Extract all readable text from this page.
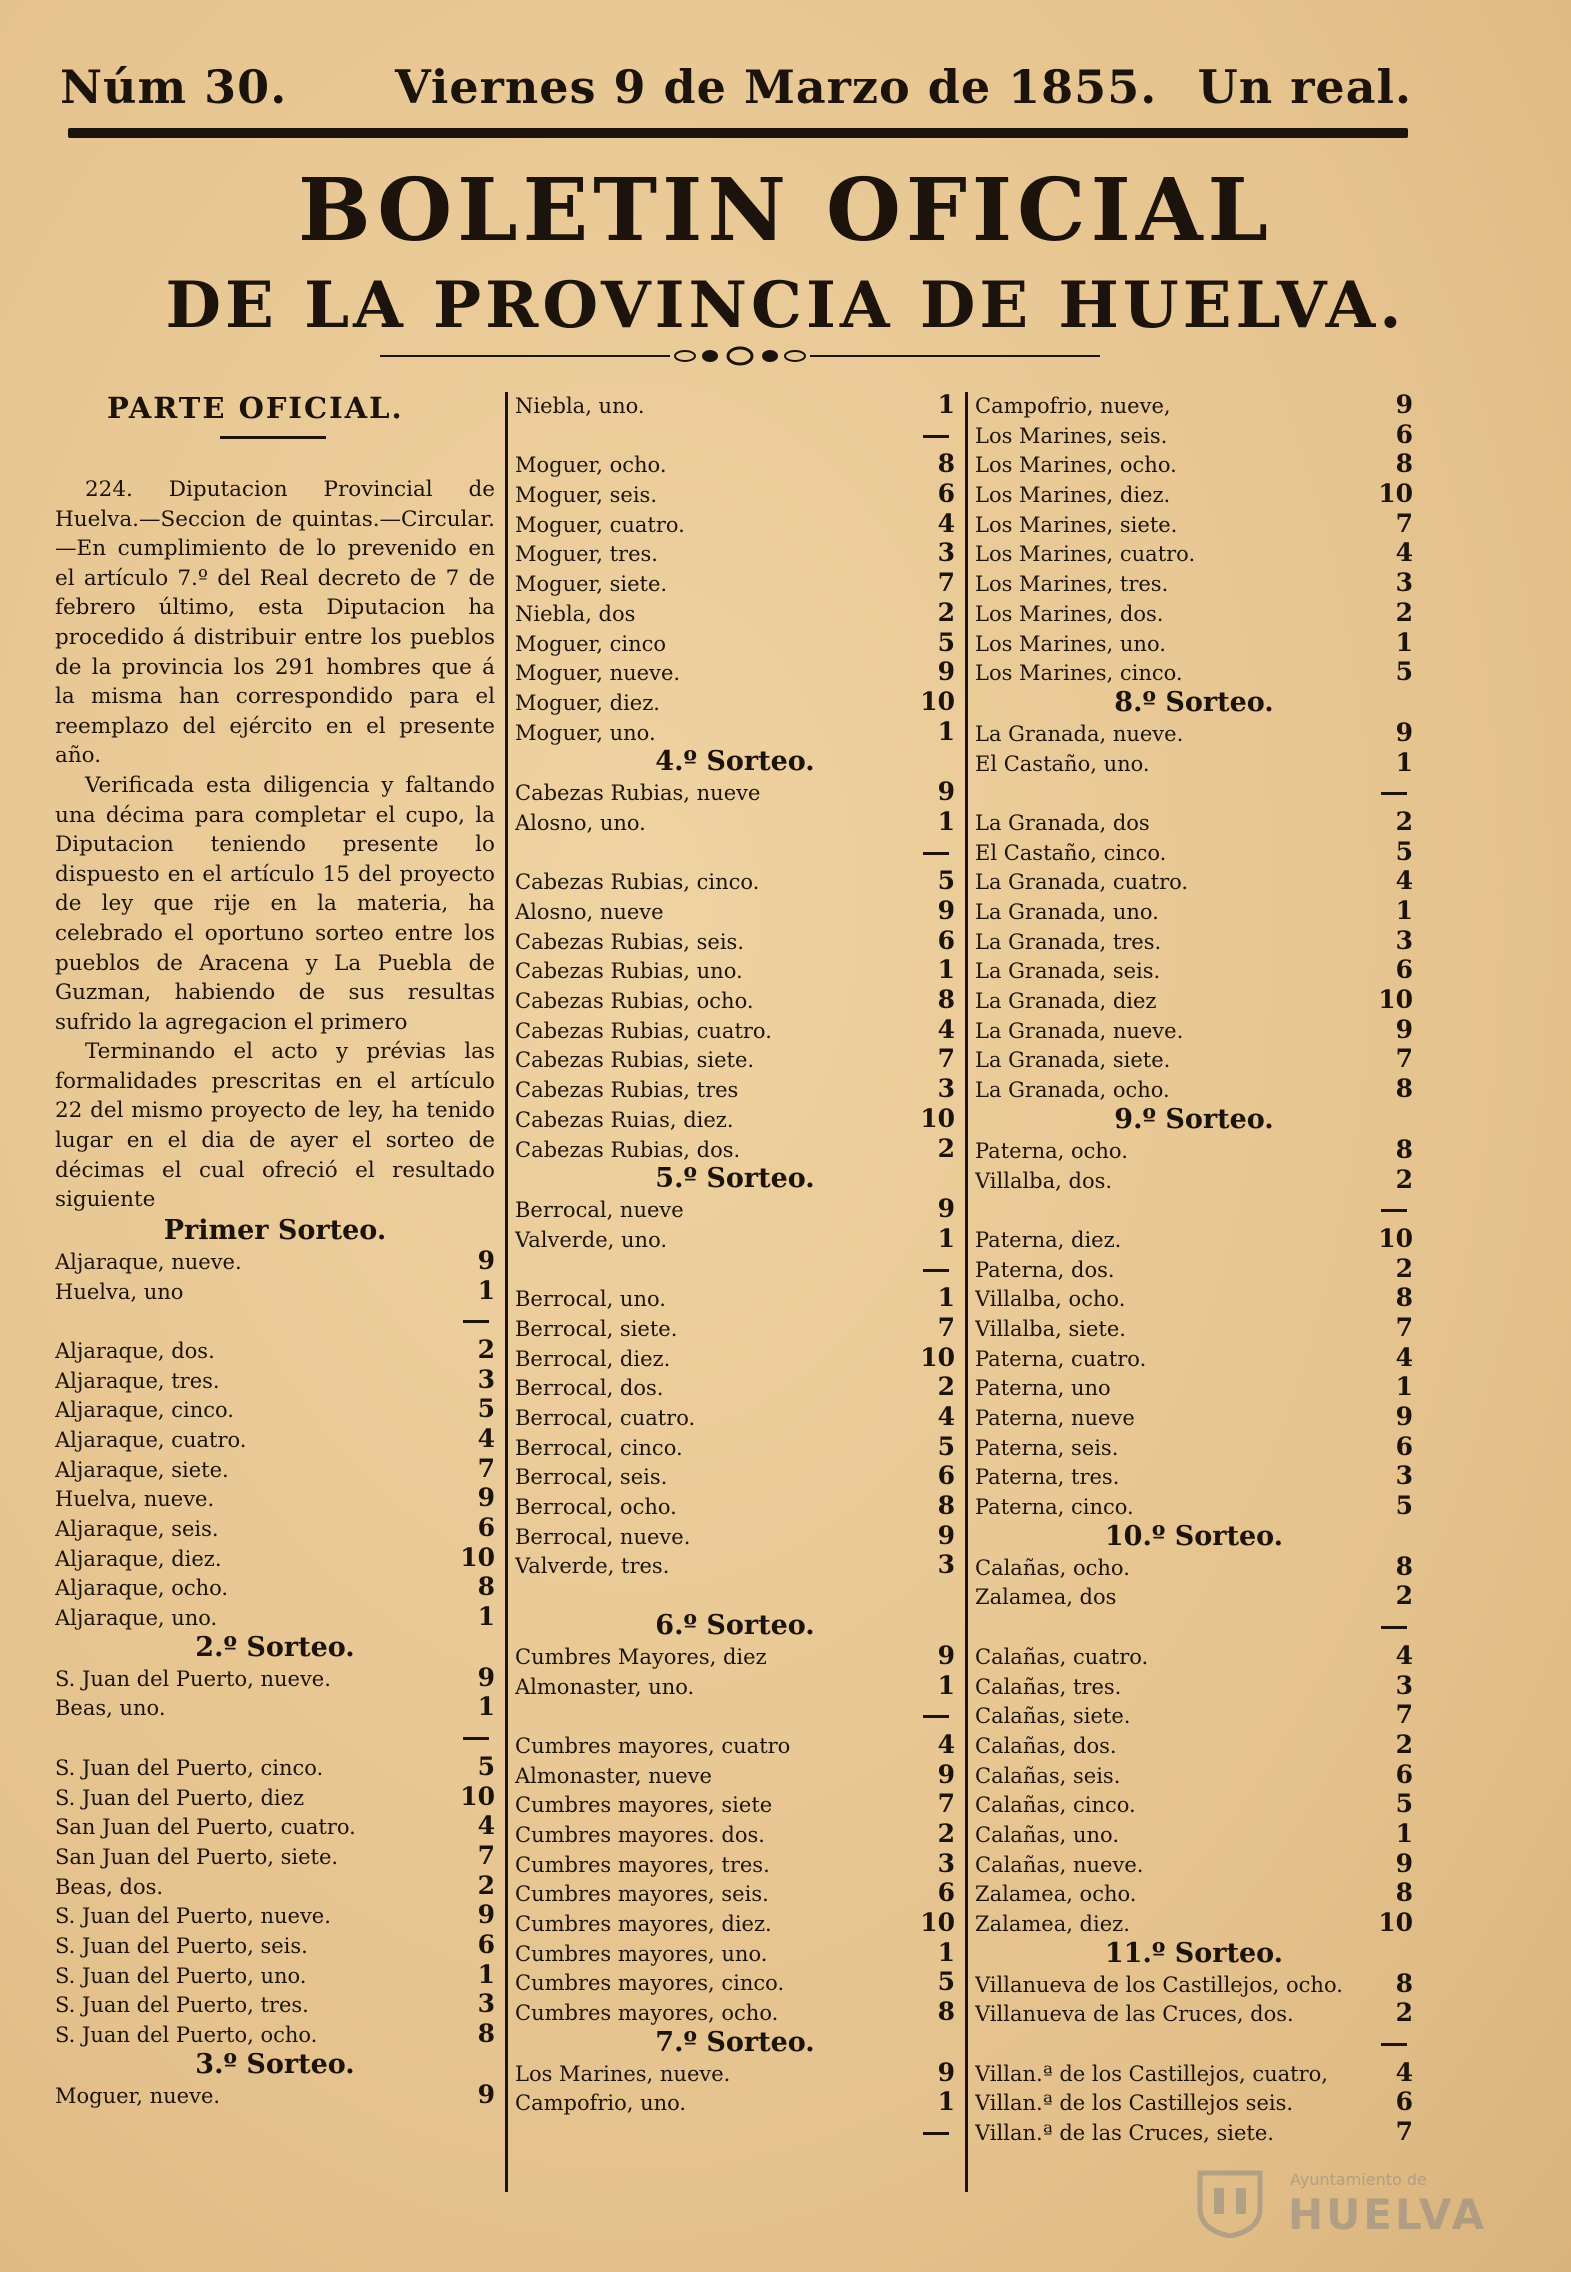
Núm 30. Viernes 9 de Marzo de 1855. Un real.
BOLETIN OFICIAL
DE LA PROVINCIA DE HUELVA.
PARTE OFICIAL.

224. Diputacion Provincial de Huelva.—Seccion de quintas.—Circular.—En cumplimiento de lo prevenido en el artículo 7.º del Real decreto de 7 de febrero último, esta Diputacion ha procedido á distribuir entre los pueblos de la provincia los 291 hombres que á la misma han correspondido para el reemplazo del ejército en el presente año.

Verificada esta diligencia y faltando una décima para completar el cupo, la Diputacion teniendo presente lo dispuesto en el artículo 15 del proyecto de ley que rije en la materia, ha celebrado el oportuno sorteo entre los pueblos de Aracena y La Puebla de Guzman, habiendo de sus resultas sufrido la agregacion el primero

Terminando el acto y prévias las formalidades prescritas en el artículo 22 del mismo proyecto de ley, ha tenido lugar en el dia de ayer el sorteo de décimas el cual ofreció el resultado siguiente

Primer Sorteo.
Aljaraque, nueve.	9
Huelva, uno	1
Aljaraque, dos.	2
Aljaraque, tres.	3
Aljaraque, cinco.	5
Aljaraque, cuatro.	4
Aljaraque, siete.	7
Huelva, nueve.	9
Aljaraque, seis.	6
Aljaraque, diez.	10
Aljaraque, ocho.	8
Aljaraque, uno.	1
2.º Sorteo.
S. Juan del Puerto, nueve.	9
Beas, uno.	1
S. Juan del Puerto, cinco.	5
S. Juan del Puerto, diez	10
San Juan del Puerto, cuatro.	4
San Juan del Puerto, siete.	7
Beas, dos.	2
S. Juan del Puerto, nueve.	9
S. Juan del Puerto, seis.	6
S. Juan del Puerto, uno.	1
S. Juan del Puerto, tres.	3
S. Juan del Puerto, ocho.	8
3.º Sorteo.
Moguer, nueve.	9
Niebla, uno.	1
Moguer, ocho.	8
Moguer, seis.	6
Moguer, cuatro.	4
Moguer, tres.	3
Moguer, siete.	7
Niebla, dos	2
Moguer, cinco	5
Moguer, nueve.	9
Moguer, diez.	10
Moguer, uno.	1
4.º Sorteo.
Cabezas Rubias, nueve	9
Alosno, uno.	1
Cabezas Rubias, cinco.	5
Alosno, nueve	9
Cabezas Rubias, seis.	6
Cabezas Rubias, uno.	1
Cabezas Rubias, ocho.	8
Cabezas Rubias, cuatro.	4
Cabezas Rubias, siete.	7
Cabezas Rubias, tres	3
Cabezas Ruias, diez.	10
Cabezas Rubias, dos.	2
5.º Sorteo.
Berrocal, nueve	9
Valverde, uno.	1
Berrocal, uno.	1
Berrocal, siete.	7
Berrocal, diez.	10
Berrocal, dos.	2
Berrocal, cuatro.	4
Berrocal, cinco.	5
Berrocal, seis.	6
Berrocal, ocho.	8
Berrocal, nueve.	9
Valverde, tres.	3
6.º Sorteo.
Cumbres Mayores, diez	9
Almonaster, uno.	1
Cumbres mayores, cuatro	4
Almonaster, nueve	9
Cumbres mayores, siete	7
Cumbres mayores. dos.	2
Cumbres mayores, tres.	3
Cumbres mayores, seis.	6
Cumbres mayores, diez.	10
Cumbres mayores, uno.	1
Cumbres mayores, cinco.	5
Cumbres mayores, ocho.	8
7.º Sorteo.
Los Marines, nueve.	9
Campofrio, uno.	1
Campofrio, nueve,	9
Los Marines, seis.	6
Los Marines, ocho.	8
Los Marines, diez.	10
Los Marines, siete.	7
Los Marines, cuatro.	4
Los Marines, tres.	3
Los Marines, dos.	2
Los Marines, uno.	1
Los Marines, cinco.	5
8.º Sorteo.
La Granada, nueve.	9
El Castaño, uno.	1
La Granada, dos	2
El Castaño, cinco.	5
La Granada, cuatro.	4
La Granada, uno.	1
La Granada, tres.	3
La Granada, seis.	6
La Granada, diez	10
La Granada, nueve.	9
La Granada, siete.	7
La Granada, ocho.	8
9.º Sorteo.
Paterna, ocho.	8
Villalba, dos.	2
Paterna, diez.	10
Paterna, dos.	2
Villalba, ocho.	8
Villalba, siete.	7
Paterna, cuatro.	4
Paterna, uno	1
Paterna, nueve	9
Paterna, seis.	6
Paterna, tres.	3
Paterna, cinco.	5
10.º Sorteo.
Calañas, ocho.	8
Zalamea, dos	2
Calañas, cuatro.	4
Calañas, tres.	3
Calañas, siete.	7
Calañas, dos.	2
Calañas, seis.	6
Calañas, cinco.	5
Calañas, uno.	1
Calañas, nueve.	9
Zalamea, ocho.	8
Zalamea, diez.	10
11.º Sorteo.
Villanueva de los Castillejos, ocho.	8
Villanueva de las Cruces, dos.	2
Villan.ª de los Castillejos, cuatro,	4
Villan.ª de los Castillejos seis.	6
Villan.ª de las Cruces, siete.	7
Ayuntamiento de
HUELVA
